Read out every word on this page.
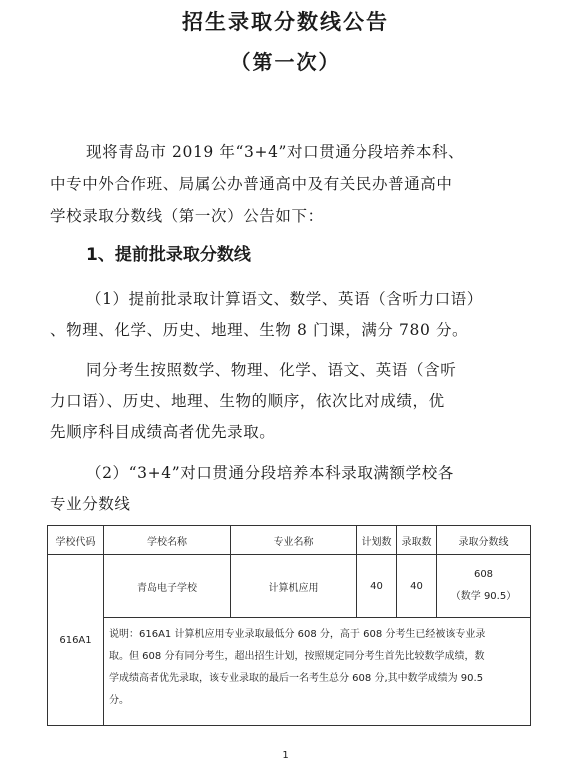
招生录取分数线公告
（第一次）
现将青岛市 2019 年“3+4”对口贯通分段培养本科、
中专中外合作班、局属公办普通高中及有关民办普通高中
学校录取分数线（第一次）公告如下：
1、提前批录取分数线
（1）提前批录取计算语文、数学、英语（含听力口语）
、物理、化学、历史、地理、生物 8 门课，满分 780 分。
同分考生按照数学、物理、化学、语文、英语（含听
力口语）、历史、地理、生物的顺序，依次比对成绩，优
先顺序科目成绩高者优先录取。
（2）“3+4”对口贯通分段培养本科录取满额学校各
专业分数线
学校代码	学校名称	专业名称	计划数	录取数	录取分数线
616A1	青岛电子学校	计算机应用	40	40	608
（数学 90.5）

	说明：616A1 计算机应用专业录取最低分 608 分，高于 608 分考生已经被该专业录
取。但 608 分有同分考生，超出招生计划，按照规定同分考生首先比较数学成绩，数
学成绩高者优先录取，该专业录取的最后一名考生总分 608 分,其中数学成绩为 90.5
分。				
1
